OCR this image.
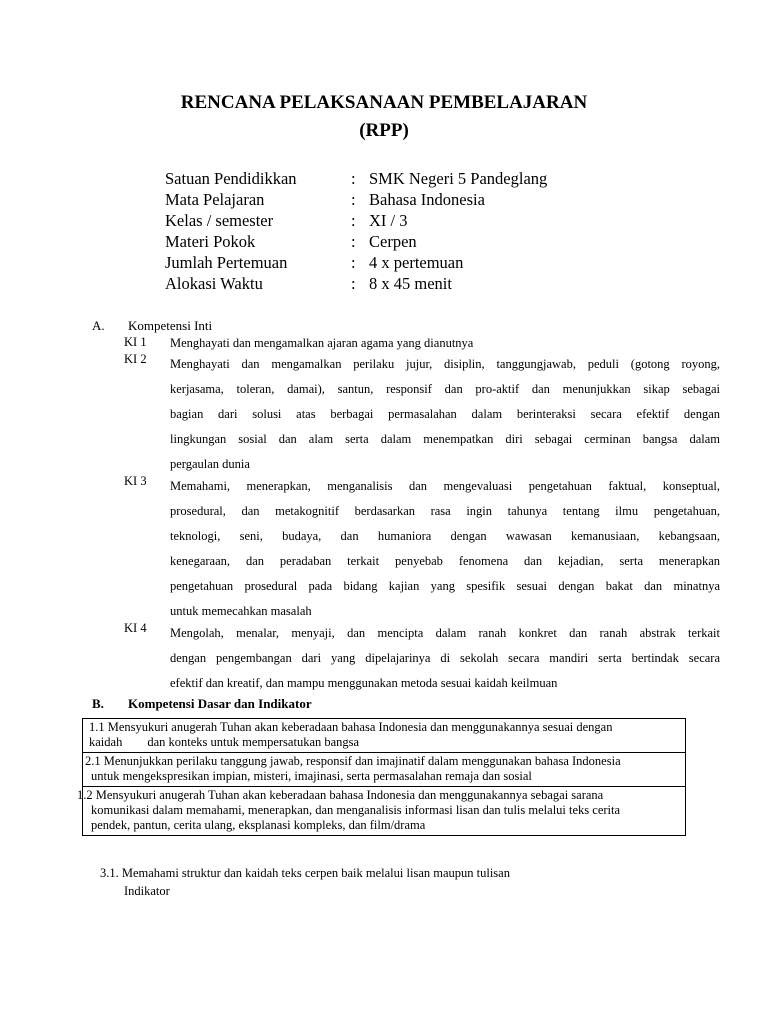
RENCANA PELAKSANAAN PEMBELAJARAN
(RPP)
Satuan Pendidikkan	: SMK Negeri 5 Pandeglang
Mata Pelajaran	: Bahasa Indonesia
Kelas / semester	: XI / 3
Materi Pokok	: Cerpen
Jumlah Pertemuan	: 4 x pertemuan
Alokasi Waktu	: 8 x 45 menit
A. Kompetensi Inti
KI 1 Menghayati dan mengamalkan ajaran agama yang dianutnya
KI 2 Menghayati dan mengamalkan perilaku jujur, disiplin, tanggungjawab, peduli (gotong royong,
kerjasama, toleran, damai), santun, responsif dan pro-aktif dan menunjukkan sikap sebagai
bagian dari solusi atas berbagai permasalahan dalam berinteraksi secara efektif dengan
lingkungan sosial dan alam serta dalam menempatkan diri sebagai cerminan bangsa dalam
pergaulan dunia
KI 3 Memahami, menerapkan, menganalisis dan mengevaluasi pengetahuan faktual, konseptual,
prosedural, dan metakognitif berdasarkan rasa ingin tahunya tentang ilmu pengetahuan,
teknologi, seni, budaya, dan humaniora dengan wawasan kemanusiaan, kebangsaan,
kenegaraan, dan peradaban terkait penyebab fenomena dan kejadian, serta menerapkan
pengetahuan prosedural pada bidang kajian yang spesifik sesuai dengan bakat dan minatnya
untuk memecahkan masalah
KI 4 Mengolah, menalar, menyaji, dan mencipta dalam ranah konkret dan ranah abstrak terkait
dengan pengembangan dari yang dipelajarinya di sekolah secara mandiri serta bertindak secara
efektif dan kreatif, dan mampu menggunakan metoda sesuai kaidah keilmuan
B. Kompetensi Dasar dan Indikator
1.1 Mensyukuri anugerah Tuhan akan keberadaan bahasa Indonesia dan menggunakannya sesuai dengan
kaidah        dan konteks untuk mempersatukan bangsa

2.1 Menunjukkan perilaku tanggung jawab, responsif dan imajinatif dalam menggunakan bahasa Indonesia
untuk mengekspresikan impian, misteri, imajinasi, serta permasalahan remaja dan sosial

1.2 Mensyukuri anugerah Tuhan akan keberadaan bahasa Indonesia dan menggunakannya sebagai sarana
komunikasi dalam memahami, menerapkan, dan menganalisis informasi lisan dan tulis melalui teks cerita
pendek, pantun, cerita ulang, eksplanasi kompleks, dan film/drama
3.1. Memahami struktur dan kaidah teks cerpen baik melalui lisan maupun tulisan
Indikator
